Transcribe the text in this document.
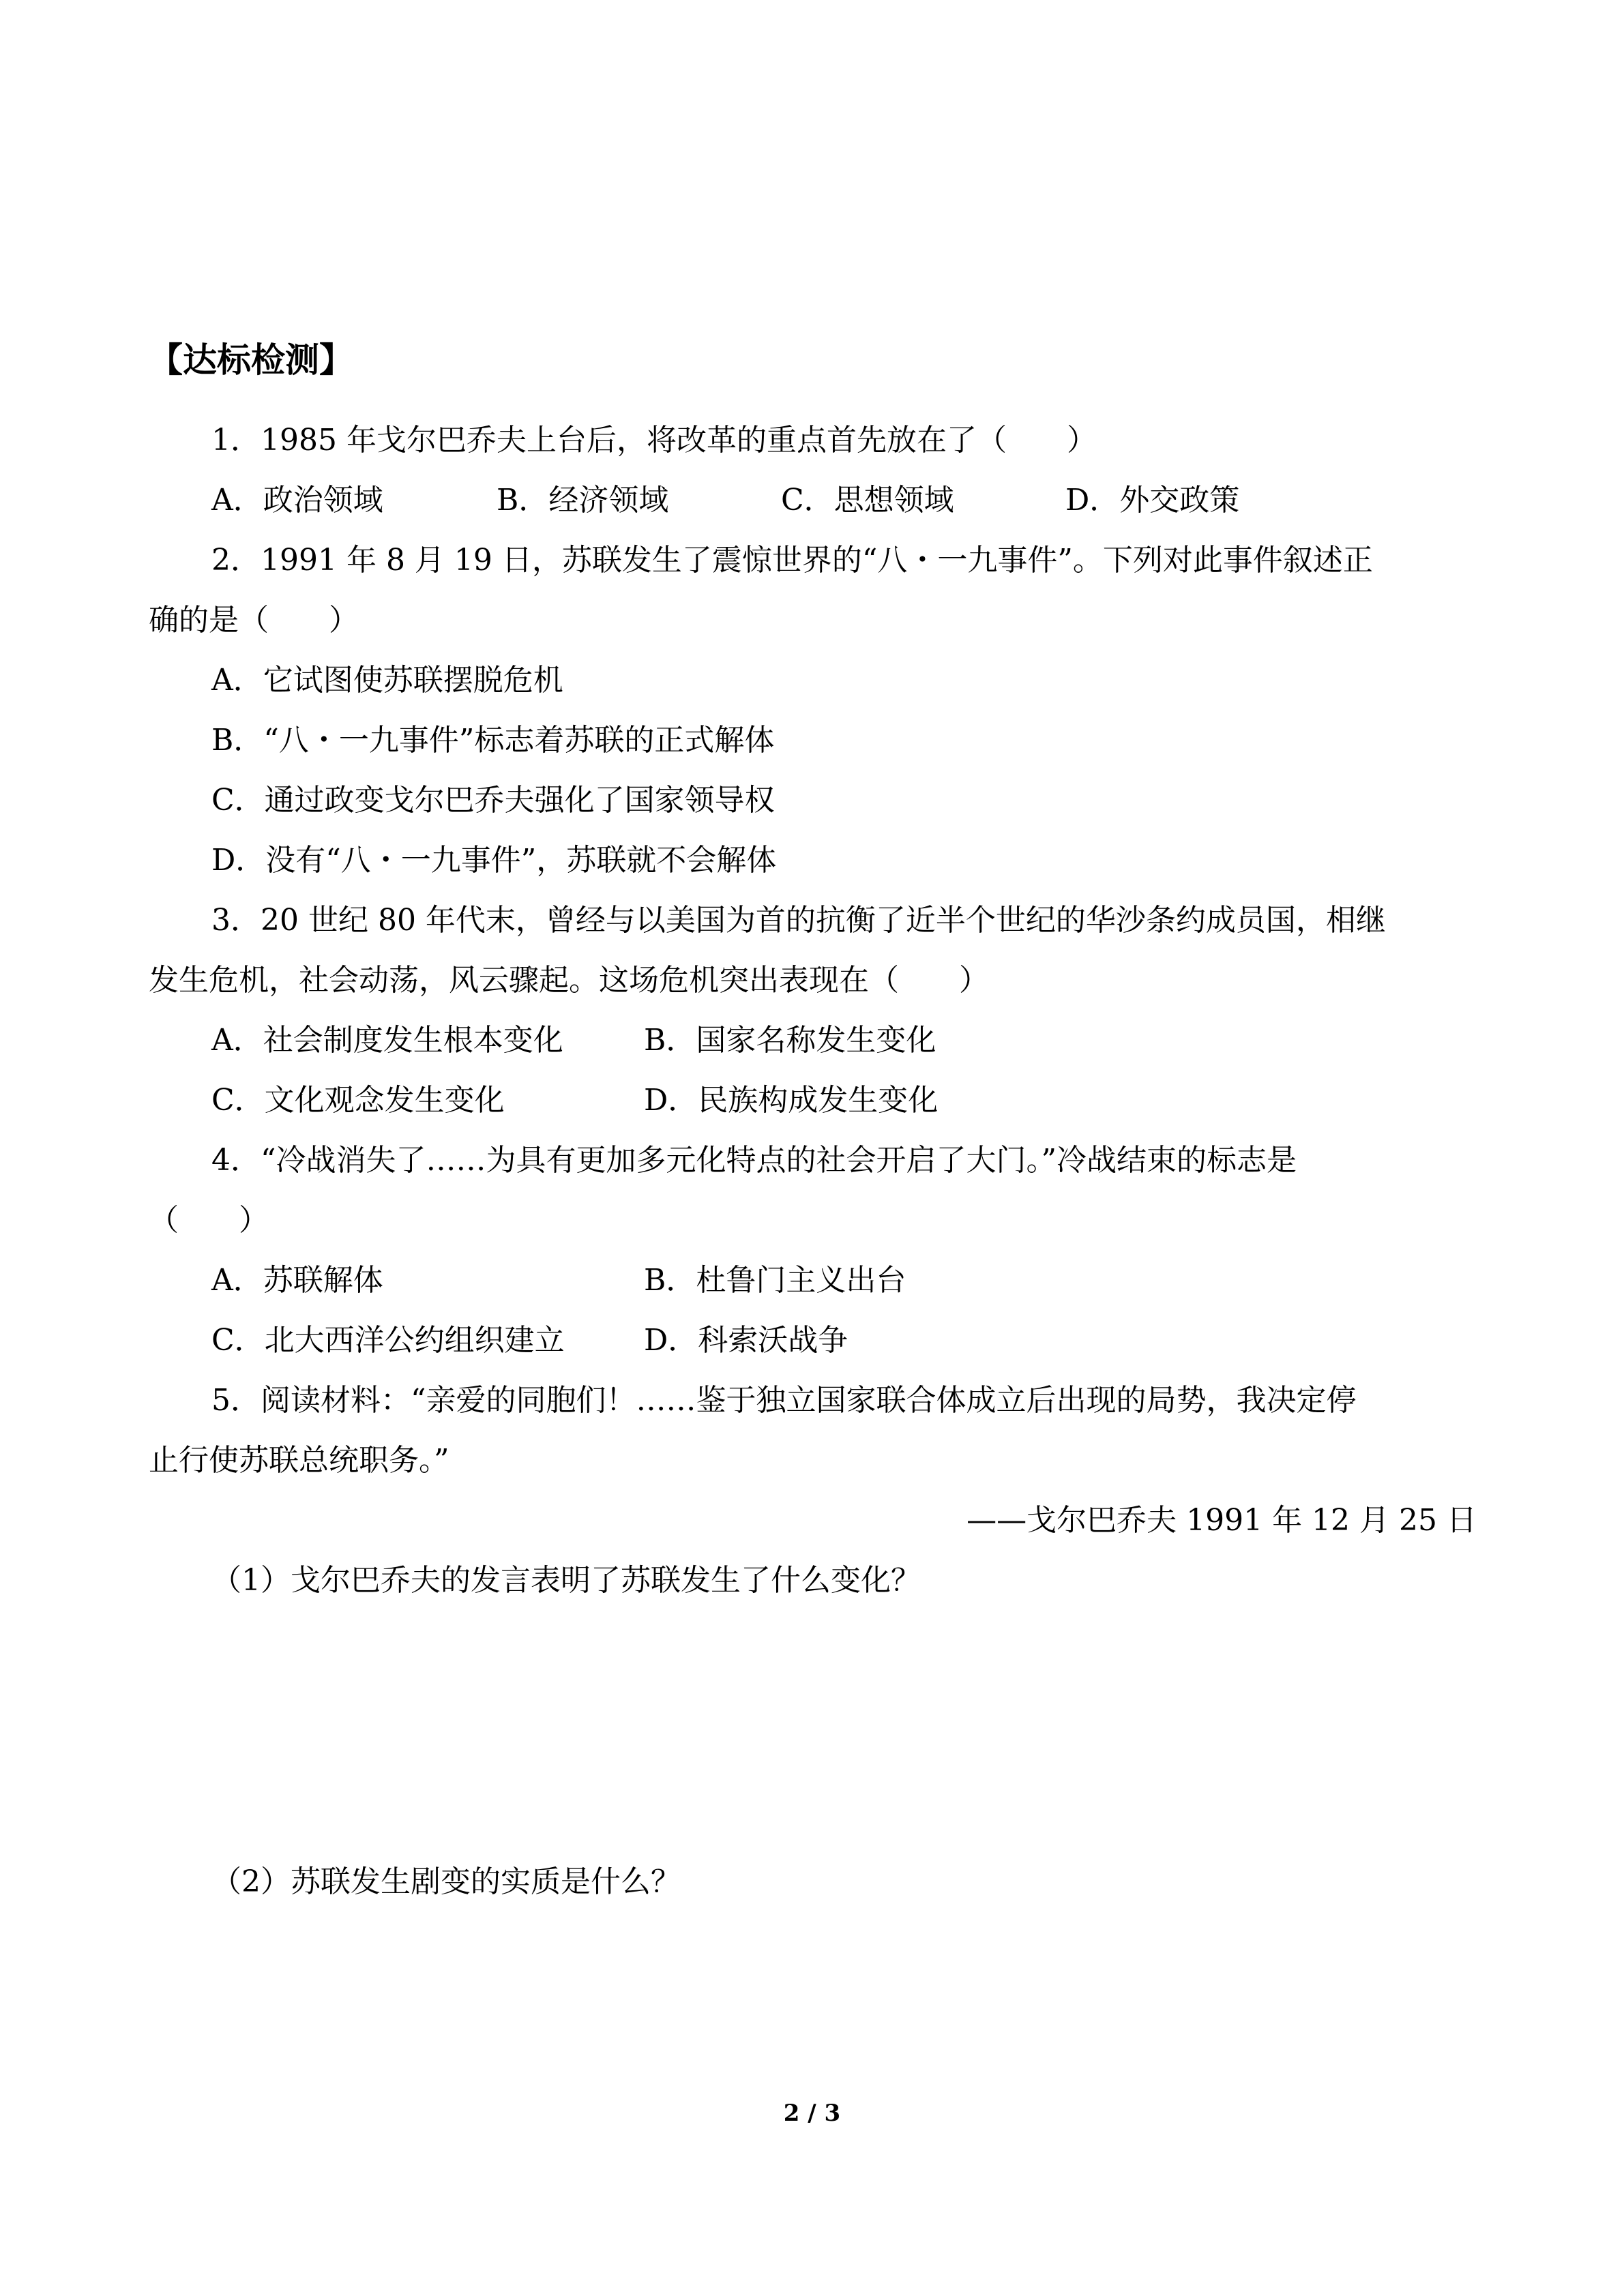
【达标检测】
1．1985 年戈尔巴乔夫上台后，将改革的重点首先放在了（　　）
A．政治领域	B．经济领域	C．思想领域	D．外交政策
2．1991 年 8 月 19 日，苏联发生了震惊世界的“八・一九事件”。下列对此事件叙述正
确的是（　　）
A．它试图使苏联摆脱危机
B．“八・一九事件”标志着苏联的正式解体
C．通过政变戈尔巴乔夫强化了国家领导权
D．没有“八・一九事件”，苏联就不会解体
3．20 世纪 80 年代末，曾经与以美国为首的抗衡了近半个世纪的华沙条约成员国，相继
发生危机，社会动荡，风云骤起。这场危机突出表现在（　　）
A．社会制度发生根本变化	B．国家名称发生变化
C．文化观念发生变化	D．民族构成发生变化
4．“冷战消失了……为具有更加多元化特点的社会开启了大门。”冷战结束的标志是
（　　）
A．苏联解体	B．杜鲁门主义出台
C．北大西洋公约组织建立	D．科索沃战争
5．阅读材料：“亲爱的同胞们！……鉴于独立国家联合体成立后出现的局势，我决定停
止行使苏联总统职务。”
——戈尔巴乔夫 1991 年 12 月 25 日
（1）戈尔巴乔夫的发言表明了苏联发生了什么变化？
（2）苏联发生剧变的实质是什么？
2 / 3
